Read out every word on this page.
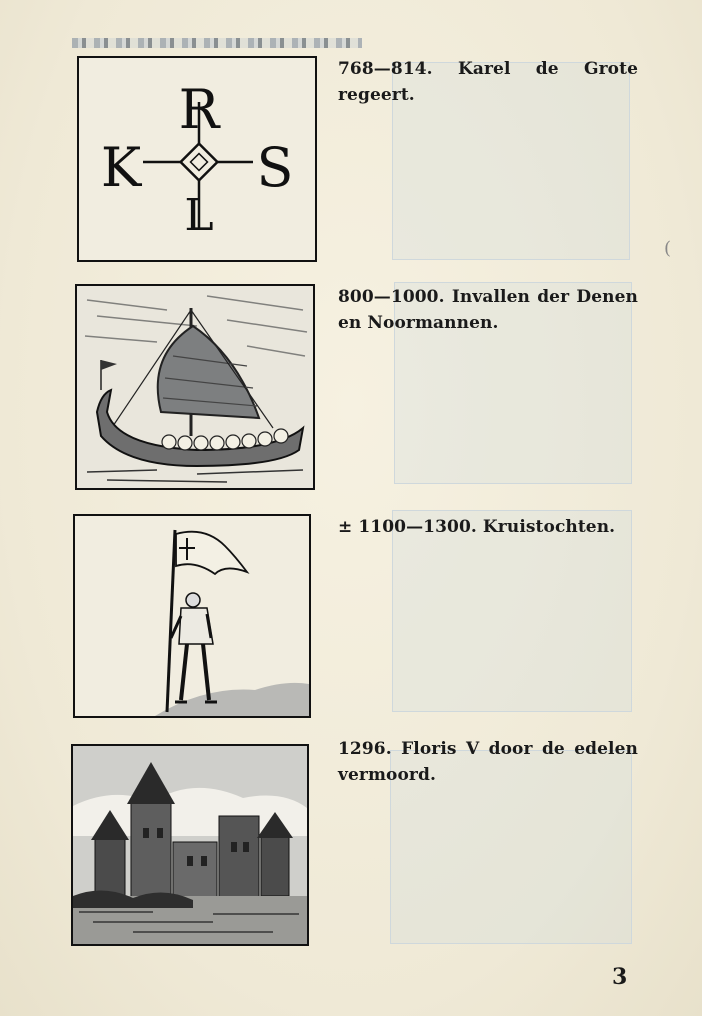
R
K S
L

768—814. Karel de Grote regeert.

800—1000. Invallen der Denen en Noormannen.

± 1100—1300. Kruistochten.

1296. Floris V door de edelen vermoord.

(
3
